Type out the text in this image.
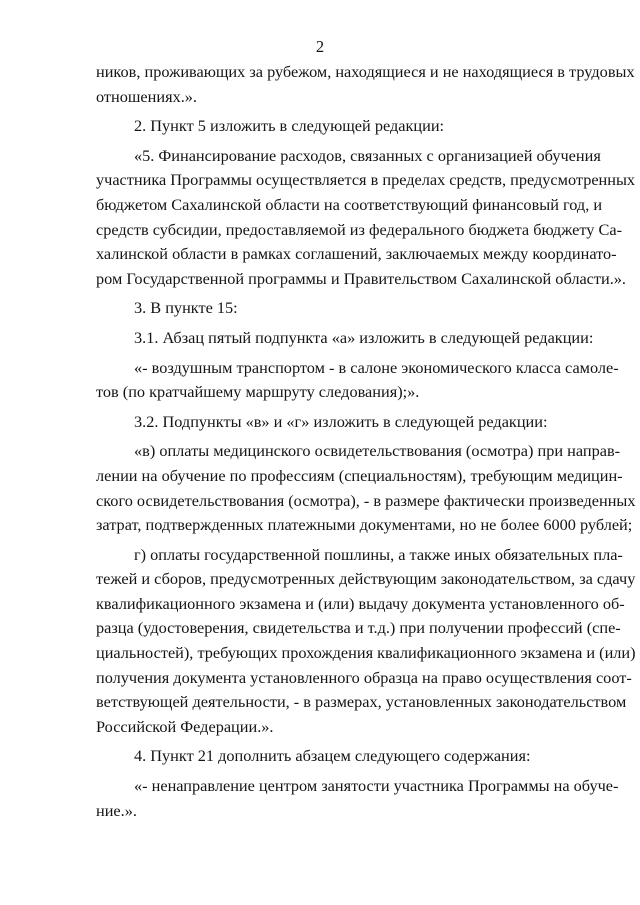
2
ников, проживающих за рубежом, находящиеся и не находящиеся в трудовых
отношениях.».
2. Пункт 5 изложить в следующей редакции:
«5. Финансирование расходов, связанных с организацией обучения
участника Программы осуществляется в пределах средств, предусмотренных
бюджетом Сахалинской области на соответствующий финансовый год, и
средств субсидии, предоставляемой из федерального бюджета бюджету Са-
халинской области в рамках соглашений, заключаемых между координато-
ром Государственной программы и Правительством Сахалинской области.».
3. В пункте 15:
3.1. Абзац пятый подпункта «а» изложить в следующей редакции:
«- воздушным транспортом - в салоне экономического класса самоле-
тов (по кратчайшему маршруту следования);».
3.2. Подпункты «в» и «г» изложить в следующей редакции:
«в) оплаты медицинского освидетельствования (осмотра) при направ-
лении на обучение по профессиям (специальностям), требующим медицин-
ского освидетельствования (осмотра), - в размере фактически произведенных
затрат, подтвержденных платежными документами, но не более 6000 рублей;
г) оплаты государственной пошлины, а также иных обязательных пла-
тежей и сборов, предусмотренных действующим законодательством, за сдачу
квалификационного экзамена и (или) выдачу документа установленного об-
разца (удостоверения, свидетельства и т.д.) при получении профессий (спе-
циальностей), требующих прохождения квалификационного экзамена и (или)
получения документа установленного образца на право осуществления соот-
ветствующей деятельности, - в размерах, установленных законодательством
Российской Федерации.».
4. Пункт 21 дополнить абзацем следующего содержания:
«- ненаправление центром занятости участника Программы на обуче-
ние.».
